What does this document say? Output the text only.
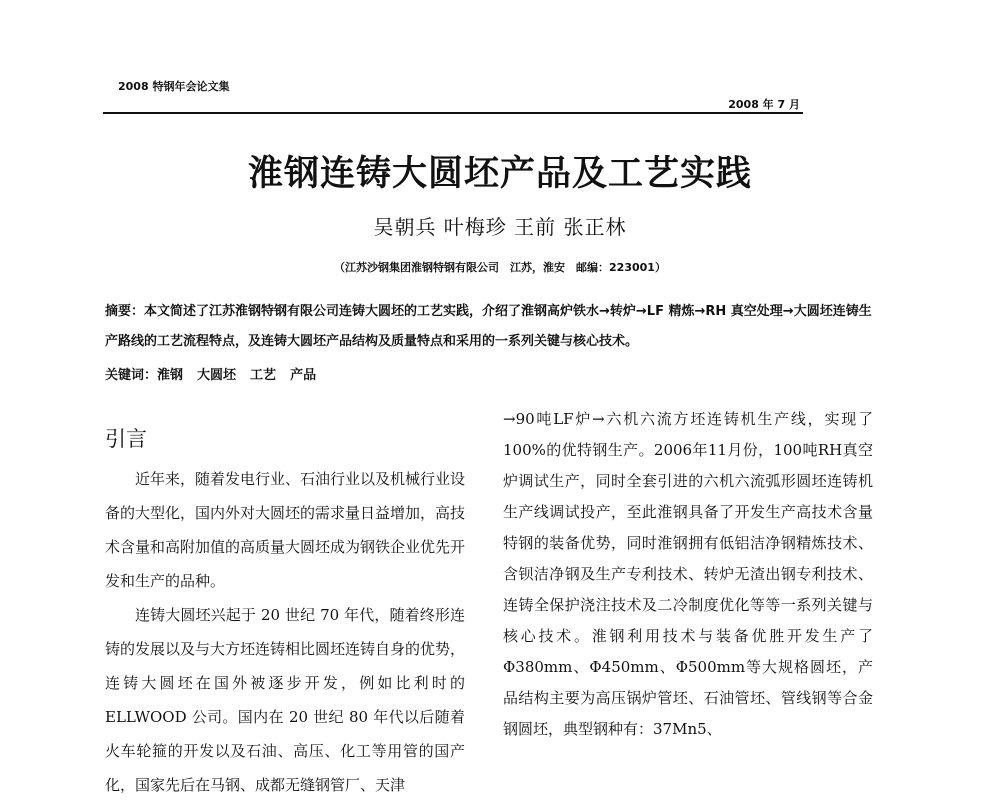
2008 特钢年会论文集
2008 年 7 月
淮钢连铸大圆坯产品及工艺实践
吴朝兵 叶梅珍 王前 张正林
（江苏沙钢集团淮钢特钢有限公司　江苏，淮安　邮编：223001）

摘要：本文简述了江苏淮钢特钢有限公司连铸大圆坯的工艺实践，介绍了淮钢高炉铁水→转炉→LF 精炼→RH 真空处理→大圆坯连铸生产路线的工艺流程特点，及连铸大圆坯产品结构及质量特点和采用的一系列关键与核心技术。

关键词：淮钢 大圆坯 工艺 产品
引言

近年来，随着发电行业、石油行业以及机械行业设备的大型化，国内外对大圆坯的需求量日益增加，高技术含量和高附加值的高质量大圆坯成为钢铁企业优先开发和生产的品种。

连铸大圆坯兴起于 20 世纪 70 年代，随着终形连铸的发展以及与大方坯连铸相比圆坯连铸自身的优势，连铸大圆坯在国外被逐步开发，例如比利时的 ELLWOOD 公司。国内在 20 世纪 80 年代以后随着火车轮箍的开发以及石油、高压、化工等用管的国产化，国家先后在马钢、成都无缝钢管厂、天津

→90吨LF炉→六机六流方坯连铸机生产线，实现了100%的优特钢生产。2006年11月份，100吨RH真空炉调试生产，同时全套引进的六机六流弧形圆坯连铸机生产线调试投产，至此淮钢具备了开发生产高技术含量特钢的装备优势，同时淮钢拥有低铝洁净钢精炼技术、含钡洁净钢及生产专利技术、转炉无渣出钢专利技术、连铸全保护浇注技术及二冷制度优化等等一系列关键与核心技术。淮钢利用技术与装备优胜开发生产了Φ380mm、Φ450mm、Φ500mm等大规格圆坯，产品结构主要为高压锅炉管坯、石油管坯、管线钢等合金钢圆坯，典型钢种有：37Mn5、
